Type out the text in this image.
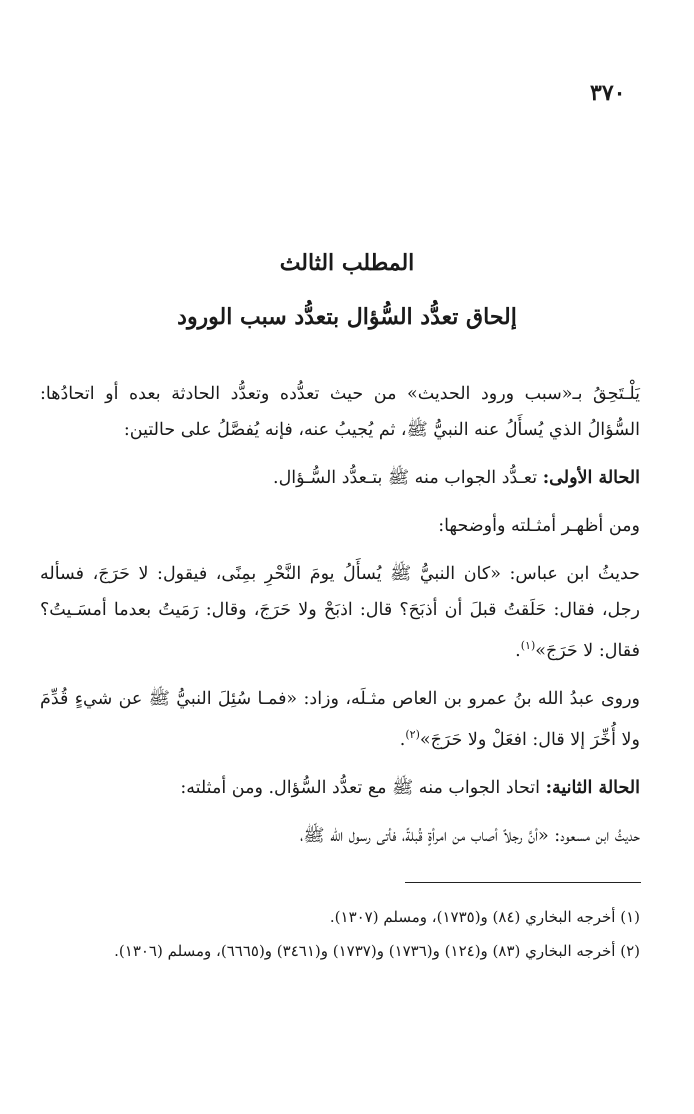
٣٧٠
المطلب الثالث
إلحاق تعدُّد السُّؤال بتعدُّد سبب الورود

يَلْـتَحِقُ بـ«سبب ورود الحديث» من حيث تعدُّده وتعدُّد الحادثة بعده أو اتحادُها: السُّؤالُ الذي يُسأَلُ عنه النبيُّ ﷺ، ثم يُجيبُ عنه، فإنه يُفصَّلُ على حالتين:

الحالة الأولى: تعـدُّد الجواب منه ﷺ بتـعدُّد السُّـؤال.

ومن أظهـر أمثـلته وأوضحها:

حديثُ ابن عباس: «كان النبيُّ ﷺ يُسأَلُ يومَ النَّحْرِ بمِنًى، فيقول: لا حَرَجَ، فسأله رجل، فقال: حَلَقتُ قبلَ أن أذبَحَ؟ قال: اذبَحْ ولا حَرَجَ، وقال: رَمَيتُ بعدما أمسَـيتُ؟ فقال: لا حَرَجَ»$^{(١)}$.

وروى عبدُ الله بنُ عمرو بن العاص مثـلَه، وزاد: «فمـا سُئِلَ النبيُّ ﷺ عن شيءٍ قُدِّمَ ولا أُخِّرَ إلا قال: افعَلْ ولا حَرَجَ»$^{(٢)}$.

الحالة الثانية: اتحاد الجواب منه ﷺ مع تعدُّد السُّؤال. ومن أمثلته:

حديثُ ابن مسعود: «أنَّ رجلاً أصاب من امرأةٍ قُبلةً، فأتى رسول الله ﷺ،

(١) أخرجه البخاري (٨٤) و(١٧٣٥)، ومسلم (١٣٠٧).

(٢) أخرجه البخاري (٨٣) و(١٢٤) و(١٧٣٦) و(١٧٣٧) و(٣٤٦١) و(٦٦٦٥)، ومسلم (١٣٠٦).
